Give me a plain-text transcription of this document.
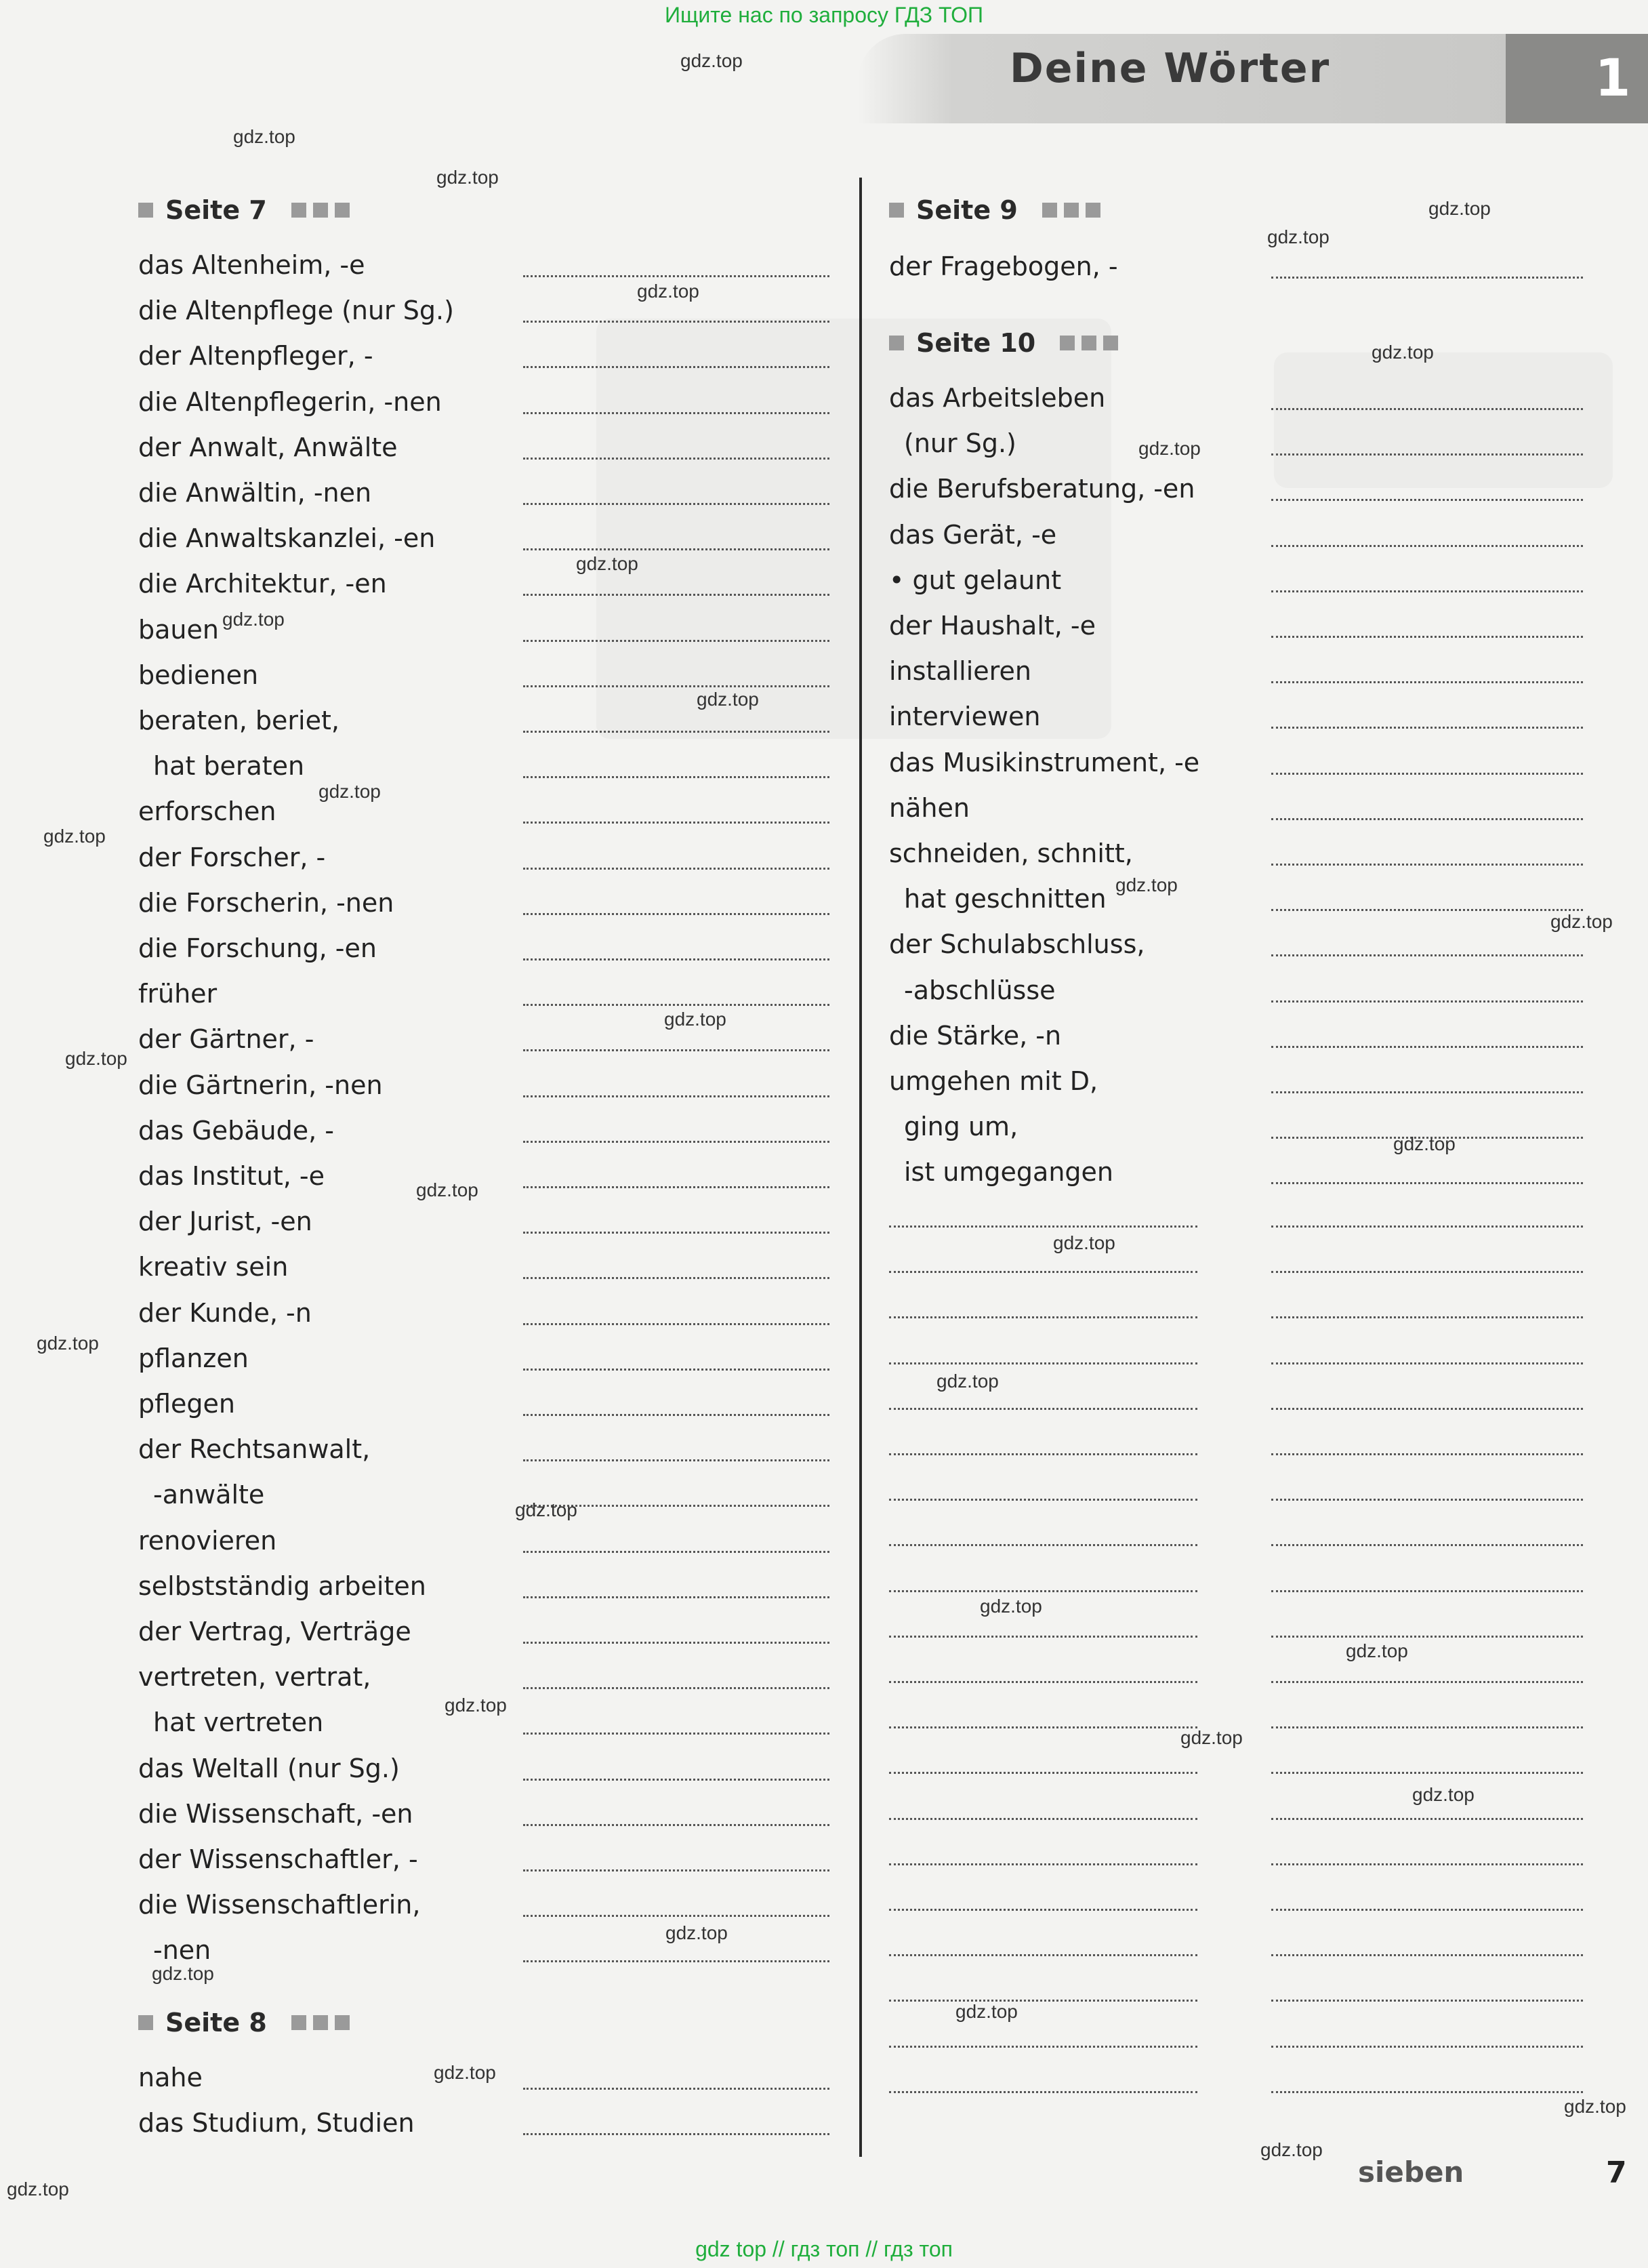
Ищите нас по запросу ГДЗ ТОП
Deine Wörter	1
Seite 7
das Altenheim, -e
die Altenpflege (nur Sg.)
der Altenpfleger, -
die Altenpflegerin, -nen
der Anwalt, Anwälte
die Anwältin, -nen
die Anwaltskanzlei, -en
die Architektur, -en
bauen
bedienen
beraten, beriet,
hat beraten
erforschen
der Forscher, -
die Forscherin, -nen
die Forschung, -en
früher
der Gärtner, -
die Gärtnerin, -nen
das Gebäude, -
das Institut, -e
der Jurist, -en
kreativ sein
der Kunde, -n
pflanzen
pflegen
der Rechtsanwalt,
-anwälte
renovieren
selbstständig arbeiten
der Vertrag, Verträge
vertreten, vertrat,
hat vertreten
das Weltall (nur Sg.)
die Wissenschaft, -en
der Wissenschaftler, -
die Wissenschaftlerin,
-nen
Seite 8
nahe
das Studium, Studien
Seite 9
der Fragebogen, -
Seite 10
das Arbeitsleben
(nur Sg.)
die Berufsberatung, -en
das Gerät, -e
• gut gelaunt
der Haushalt, -e
installieren
interviewen
das Musikinstrument, -e
nähen
schneiden, schnitt,
hat geschnitten
der Schulabschluss,
-abschlüsse
die Stärke, -n
umgehen mit D,
ging um,
ist umgegangen
gdz.top
gdz.top
gdz.top
gdz.top
gdz.top
gdz.top
gdz.top
gdz.top
gdz.top
gdz.top
gdz.top
gdz.top
gdz.top
gdz.top
gdz.top
gdz.top
gdz.top
gdz.top
gdz.top
gdz.top
gdz.top
gdz.top
gdz.top
gdz.top
gdz.top
gdz.top
gdz.top
gdz.top
gdz.top
gdz.top
gdz.top
gdz.top
gdz.top
gdz.top
gdz.top
sieben	7
gdz top // гдз топ // гдз топ
